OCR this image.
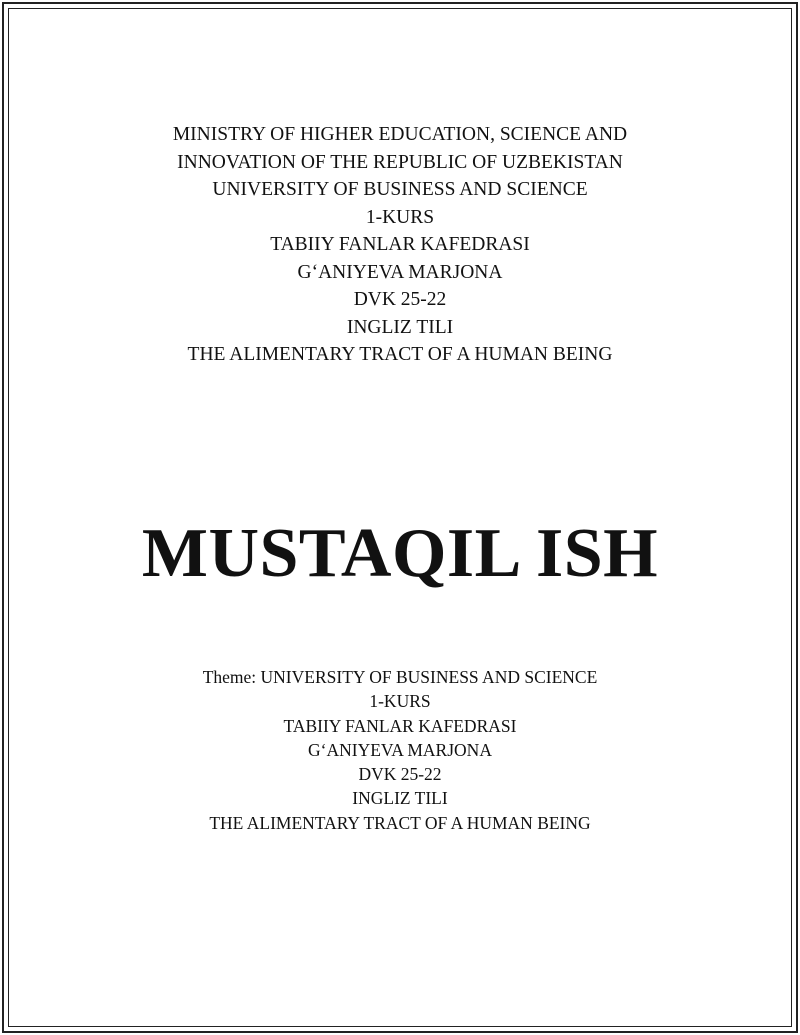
MINISTRY OF HIGHER EDUCATION, SCIENCE AND
INNOVATION OF THE REPUBLIC OF UZBEKISTAN
UNIVERSITY OF BUSINESS AND SCIENCE
1-KURS
TABIIY FANLAR KAFEDRASI
G‘ANIYEVA MARJONA
DVK 25-22
INGLIZ TILI
THE ALIMENTARY TRACT OF A HUMAN BEING
MUSTAQIL ISH
Theme: UNIVERSITY OF BUSINESS AND SCIENCE
1-KURS
TABIIY FANLAR KAFEDRASI
G‘ANIYEVA MARJONA
DVK 25-22
INGLIZ TILI
THE ALIMENTARY TRACT OF A HUMAN BEING
